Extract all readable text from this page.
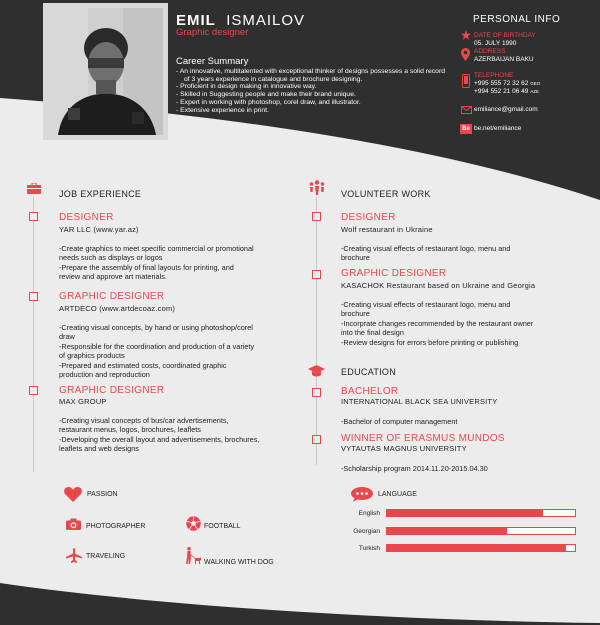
EMIL ISMAILOV
Graphic designer
Career Summary
- An innovative, multitalented with exceptional thinker of designs possesses a solid record of 3 years experience in catalogue and brochure designing.
- Proficient in design making in innovative way.
- Skilled in Suggesting people and make their brand unique.
- Expert in working with photoshop, corel draw, and illustrator.
- Extensive experience in print.
PERSONAL INFO
DATE OF BIRTHDAY
05. JULY 1990
ADDRESS
AZERBAIJAN BAKU
TELEPHONE
+995 555 72 32 62 GEO
+994 552 21 06 49 AZE
emiliance@gmail.com
Be be.net/emiliance
JOB EXPERIENCE
DESIGNER
YAR LLC (www.yar.az)
-Create graphics to meet specific commercial or promotional
needs such as displays or logos
-Prepare the assembly of final layouts for printing, and
review and approve art materials.
GRAPHIC DESIGNER
ARTDECO (www.artdecoaz.com)
-Creating visual concepts, by hand or using photoshop/corel
draw
-Responsible for the coordination and production of a variety
of graphics products
-Prepared and estimated costs, coordinated graphic
production and reproduction
GRAPHIC DESIGNER
MAX GROUP
-Creating visual concepts of bus/car advertisements,
restaurant menus, logos, brochures, leaflets
-Developing the overall layout and advertisements, brochures,
leaflets and web designs
VOLUNTEER WORK
DESIGNER
Wolf restaurant in Ukraine
-Creating visual effects of restaurant logo, menu and
brochure
GRAPHIC DESIGNER
KASACHOK Restaurant based on Ukraine and Georgia
-Creating visual effects of restaurant logo, menu and
brochure
-Incorprate changes recommended by the restaurant owner
into the final design
-Review designs for errors before printing or publishing
EDUCATION
BACHELOR
INTERNATIONAL BLACK SEA UNIVERSITY
-Bachelor of computer management
WINNER OF ERASMUS MUNDOS
VYTAUTAS MAGNUS UNIVERSITY
-Scholarship program 2014.11.20-2015.04.30
PASSION
PHOTOGRAPHER	FOOTBALL
TRAVELING
WALKING WITH DOG
LANGUAGE
English
Georgian
Turkish
